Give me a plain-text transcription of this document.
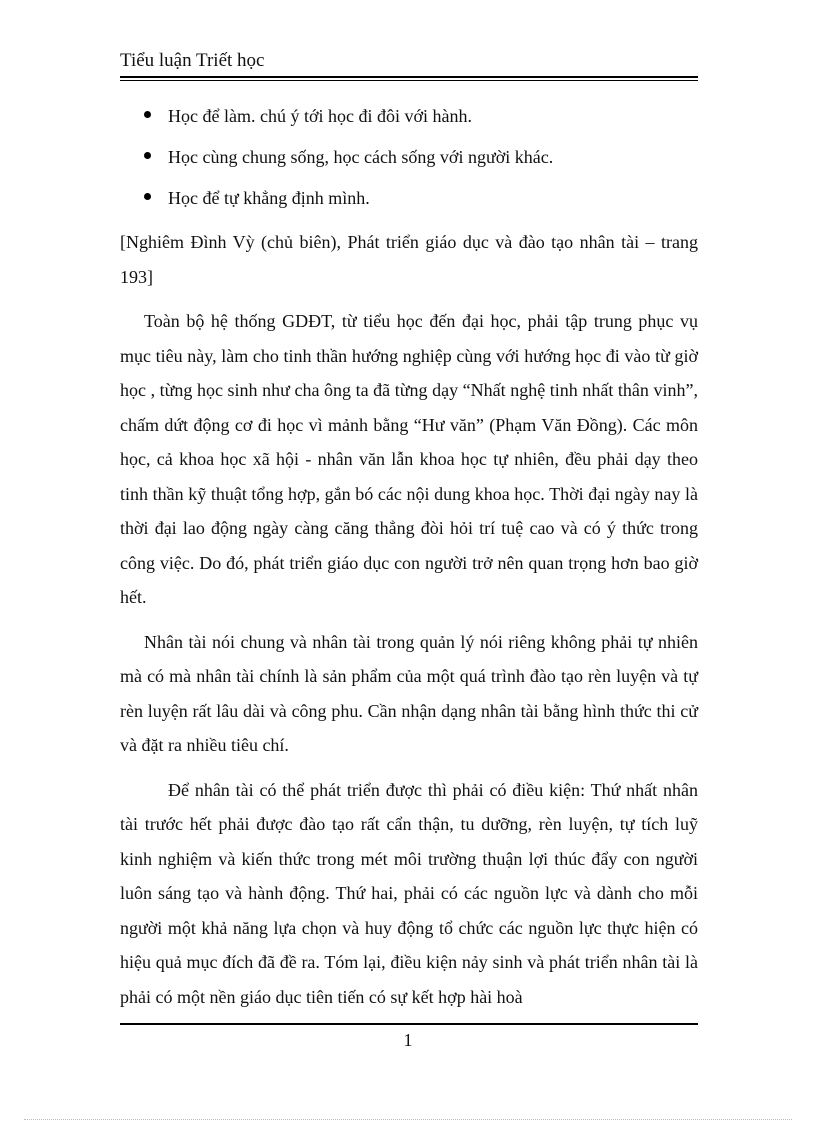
Tiểu luận Triết học
Học để làm. chú ý tới học đi đôi với hành.
Học cùng chung sống, học cách sống với người khác.
Học để tự khẳng định mình.

[Nghiêm Đình Vỳ (chủ biên), Phát triển giáo dục và đào tạo nhân tài – trang 193]

Toàn bộ hệ thống GDĐT, từ tiểu học đến đại học, phải tập trung phục vụ mục tiêu này, làm cho tinh thần hướng nghiệp cùng với hướng học đi vào từ giờ học , từng học sinh như cha ông ta đã từng dạy “Nhất nghệ tinh nhất thân vinh”, chấm dứt động cơ đi học vì mảnh bằng “Hư văn” (Phạm Văn Đồng). Các môn học, cả khoa học xã hội - nhân văn lẫn khoa học tự nhiên, đều phải dạy theo tinh thần kỹ thuật tổng hợp, gắn bó các nội dung khoa học. Thời đại ngày nay là thời đại lao động ngày càng căng thẳng đòi hỏi trí tuệ cao và có ý thức trong công việc. Do đó, phát triển giáo dục con người trở nên quan trọng hơn bao giờ hết.

Nhân tài nói chung và nhân tài trong quản lý nói riêng không phải tự nhiên mà có mà nhân tài chính là sản phẩm của một quá trình đào tạo rèn luyện và tự rèn luyện rất lâu dài và công phu. Cần nhận dạng nhân tài bằng hình thức thi cử và đặt ra nhiều tiêu chí.

Để nhân tài có thể phát triển được thì phải có điều kiện: Thứ nhất nhân tài trước hết phải được đào tạo rất cẩn thận, tu dưỡng, rèn luyện, tự tích luỹ kinh nghiệm và kiến thức trong mét môi trường thuận lợi thúc đẩy con người luôn sáng tạo và hành động. Thứ hai, phải có các nguồn lực và dành cho mỗi người một khả năng lựa chọn và huy động tổ chức các nguồn lực thực hiện có hiệu quả mục đích đã đề ra. Tóm lại, điều kiện nảy sinh và phát triển nhân tài là phải có một nền giáo dục tiên tiến có sự kết hợp hài hoà

1
